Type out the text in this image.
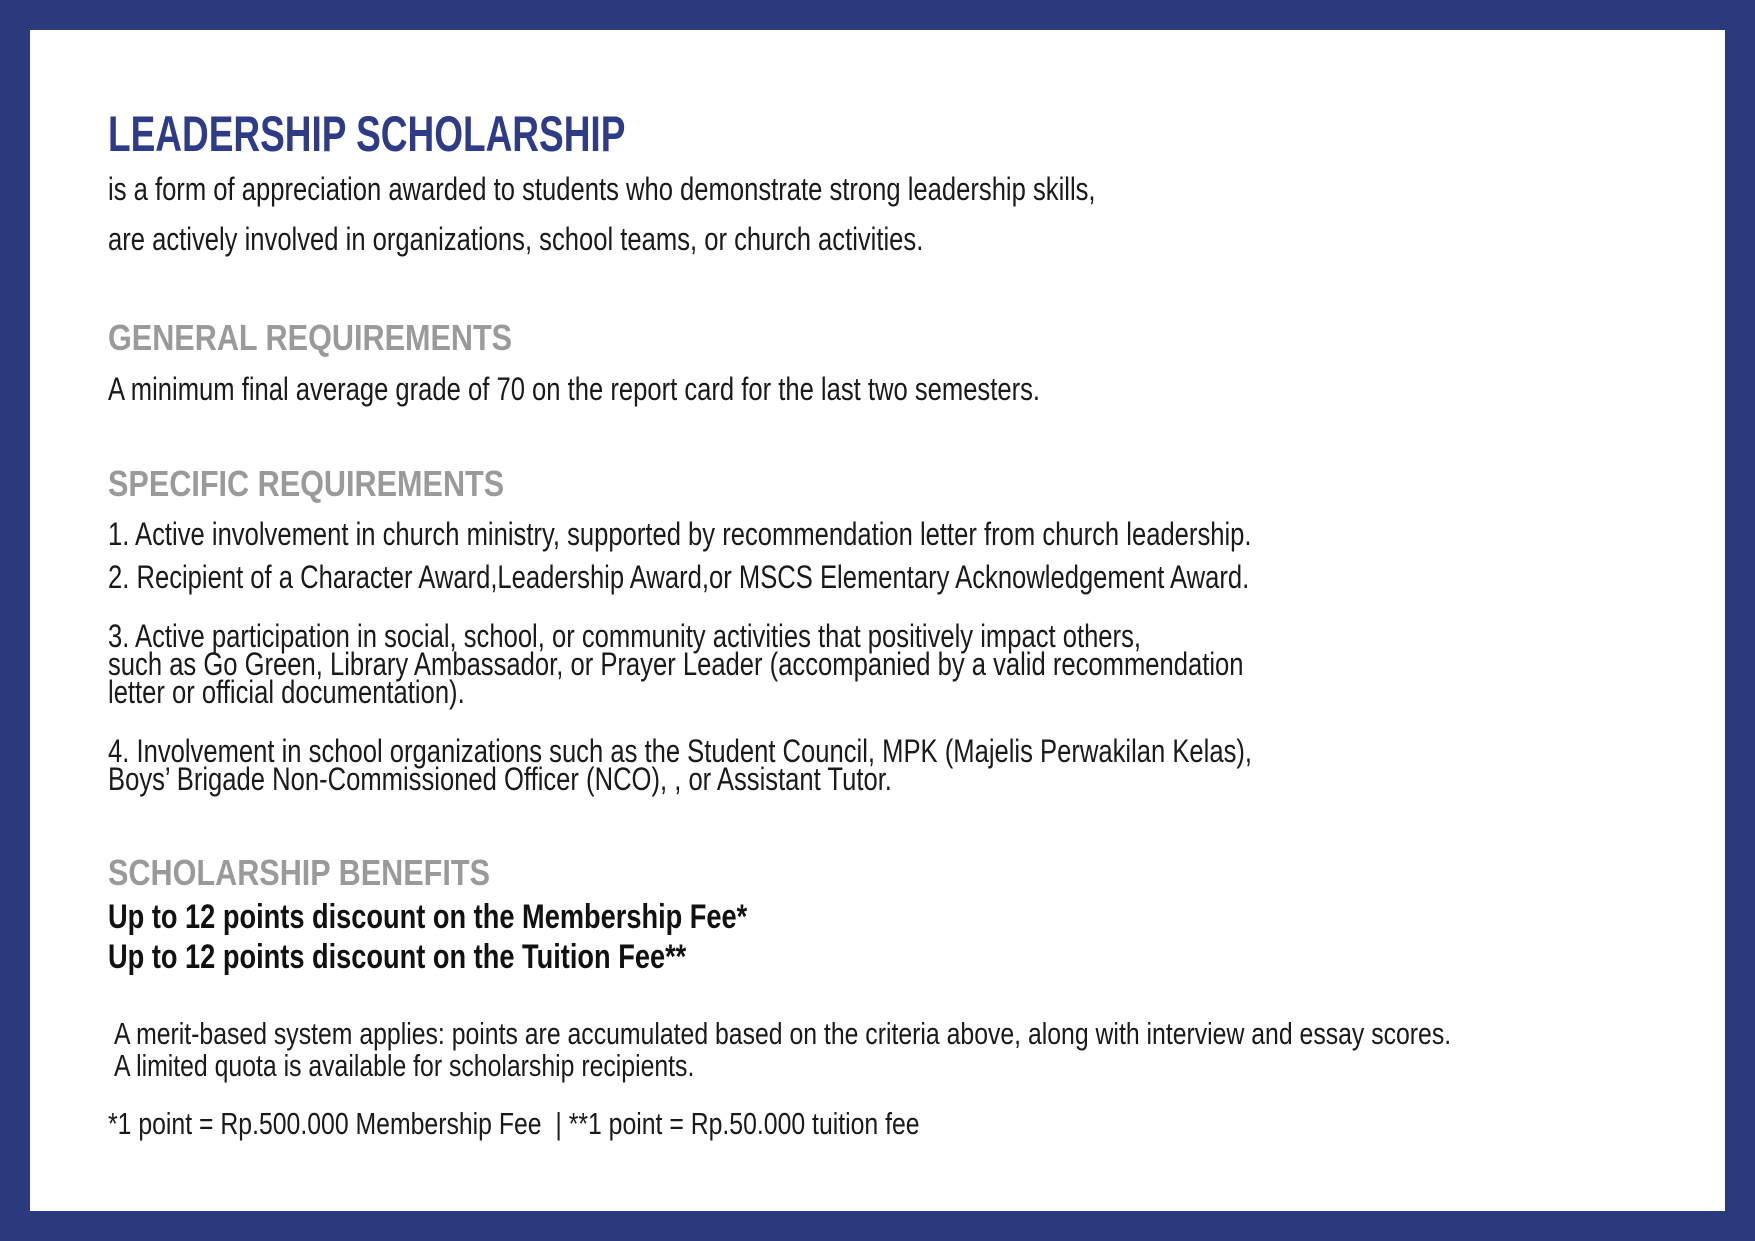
LEADERSHIP SCHOLARSHIP
is a form of appreciation awarded to students who demonstrate strong leadership skills,
are actively involved in organizations, school teams, or church activities.
GENERAL REQUIREMENTS
A minimum final average grade of 70 on the report card for the last two semesters.
SPECIFIC REQUIREMENTS
1. Active involvement in church ministry, supported by recommendation letter from church leadership.
2. Recipient of a Character Award,Leadership Award,or MSCS Elementary Acknowledgement Award.
3. Active participation in social, school, or community activities that positively impact others,
such as Go Green, Library Ambassador, or Prayer Leader (accompanied by a valid recommendation
letter or official documentation).
4. Involvement in school organizations such as the Student Council, MPK (Majelis Perwakilan Kelas),
Boys’ Brigade Non-Commissioned Officer (NCO), , or Assistant Tutor.
SCHOLARSHIP BENEFITS
Up to 12 points discount on the Membership Fee*
Up to 12 points discount on the Tuition Fee**
A merit-based system applies: points are accumulated based on the criteria above, along with interview and essay scores.
A limited quota is available for scholarship recipients.
*1 point = Rp.500.000 Membership Fee  | **1 point = Rp.50.000 tuition fee
